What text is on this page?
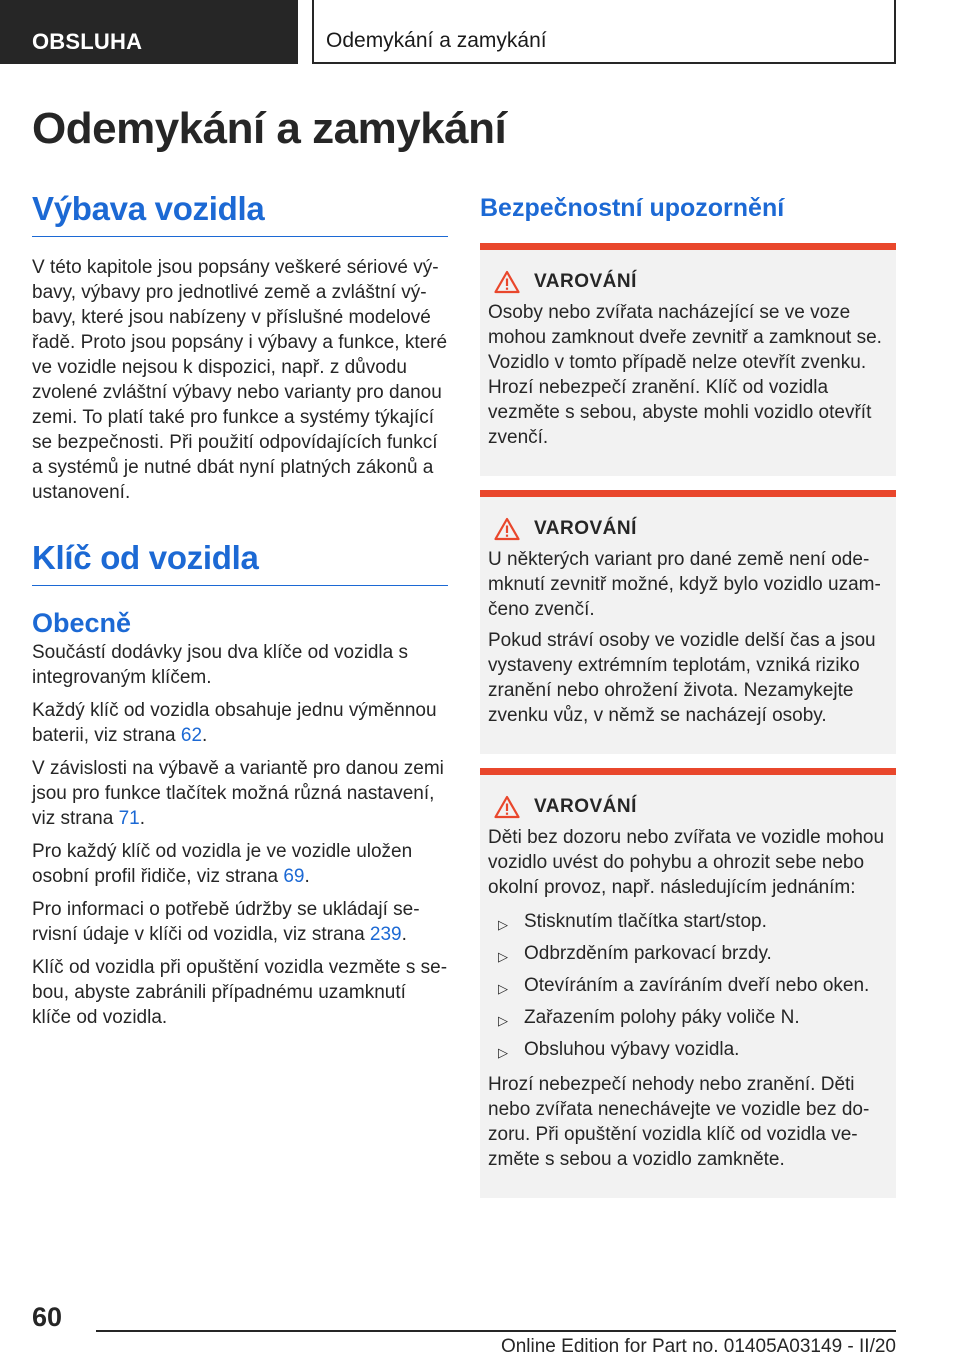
OBSLUHA	Odemykání a zamykání
Odemykání a zamykání
Výbava vozidla

V této kapitole jsou popsány veškeré sériové výbavy, výbavy pro jednotlivé země a zvláštní výbavy, které jsou nabízeny v příslušné modelové řadě. Proto jsou popsány i výbavy a funkce, které ve vozidle nejsou k dispozici, např. z důvodu zvolené zvláštní výbavy nebo varianty pro danou zemi. To platí také pro funkce a systémy týkající se bezpečnosti. Při použití odpovídajících funkcí a systémů je nutné dbát nyní platných zákonů a ustanovení.

Klíč od vozidla
Obecně

Součástí dodávky jsou dva klíče od vozidla s integrovaným klíčem.

Každý klíč od vozidla obsahuje jednu výměnnou baterii, viz strana 62.

V závislosti na výbavě a variantě pro danou zemi jsou pro funkce tlačítek možná různá nastavení, viz strana 71.

Pro každý klíč od vozidla je ve vozidle uložen osobní profil řidiče, viz strana 69.

Pro informaci o potřebě údržby se ukládají servisní údaje v klíči od vozidla, viz strana 239.

Klíč od vozidla při opuštění vozidla vezměte s sebou, abyste zabránili případnému uzamknutí klíče od vozidla.

Bezpečnostní upozornění
VAROVÁNÍ

Osoby nebo zvířata nacházející se ve voze mohou zamknout dveře zevnitř a zamknout se. Vozidlo v tomto případě nelze otevřít zvenku. Hrozí nebezpečí zranění. Klíč od vozidla vezměte s sebou, abyste mohli vozidlo otevřít zvenčí.

VAROVÁNÍ

U některých variant pro dané země není odemknutí zevnitř možné, když bylo vozidlo uzamčeno zvenčí.

Pokud stráví osoby ve vozidle delší čas a jsou vystaveny extrémním teplotám, vzniká riziko zranění nebo ohrožení života. Nezamykejte zvenku vůz, v němž se nacházejí osoby.

VAROVÁNÍ

Děti bez dozoru nebo zvířata ve vozidle mohou vozidlo uvést do pohybu a ohrozit sebe nebo okolní provoz, např. následujícím jednáním:

▷ Stisknutím tlačítka start/stop.
▷ Odbrzděním parkovací brzdy.
▷ Otevíráním a zavíráním dveří nebo oken.
▷ Zařazením polohy páky voliče N.
▷ Obsluhou výbavy vozidla.

Hrozí nebezpečí nehody nebo zranění. Děti nebo zvířata nenechávejte ve vozidle bez dozoru. Při opuštění vozidla klíč od vozidla vezměte s sebou a vozidlo zamkněte.

60
Online Edition for Part no. 01405A03149 - II/20
